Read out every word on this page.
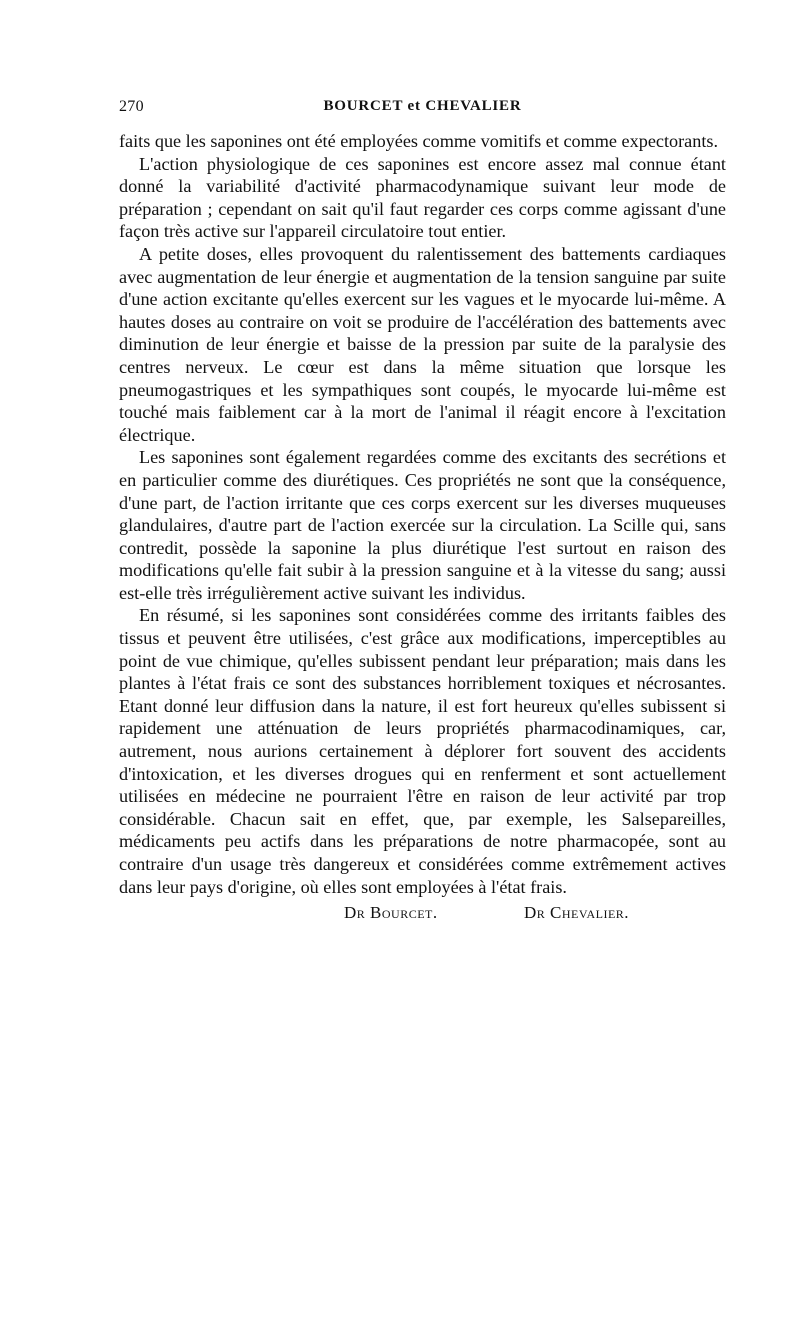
270	BOURCET et CHEVALIER

faits que les saponines ont été employées comme vomitifs et comme expectorants.

L'action physiologique de ces saponines est encore assez mal connue étant donné la variabilité d'activité pharmacodynamique suivant leur mode de préparation ; cependant on sait qu'il faut regarder ces corps comme agissant d'une façon très active sur l'appareil circulatoire tout entier.

A petite doses, elles provoquent du ralentissement des battements cardiaques avec augmentation de leur énergie et augmentation de la tension sanguine par suite d'une action excitante qu'elles exercent sur les vagues et le myocarde lui-même. A hautes doses au contraire on voit se produire de l'accélération des battements avec diminution de leur énergie et baisse de la pression par suite de la paralysie des centres nerveux. Le cœur est dans la même situation que lorsque les pneumogastriques et les sympathiques sont coupés, le myocarde lui-même est touché mais faiblement car à la mort de l'animal il réagit encore à l'excitation électrique.

Les saponines sont également regardées comme des excitants des secrétions et en particulier comme des diurétiques. Ces propriétés ne sont que la conséquence, d'une part, de l'action irritante que ces corps exercent sur les diverses muqueuses glandulaires, d'autre part de l'action exercée sur la circulation. La Scille qui, sans contredit, possède la saponine la plus diurétique l'est surtout en raison des modifications qu'elle fait subir à la pression sanguine et à la vitesse du sang; aussi est-elle très irrégulièrement active suivant les individus.

En résumé, si les saponines sont considérées comme des irritants faibles des tissus et peuvent être utilisées, c'est grâce aux modifications, imperceptibles au point de vue chimique, qu'elles subissent pendant leur préparation; mais dans les plantes à l'état frais ce sont des substances horriblement toxiques et nécrosantes. Etant donné leur diffusion dans la nature, il est fort heureux qu'elles subissent si rapidement une atténuation de leurs propriétés pharmacodinamiques, car, autrement, nous aurions certainement à déplorer fort souvent des accidents d'intoxication, et les diverses drogues qui en renferment et sont actuellement utilisées en médecine ne pourraient l'être en raison de leur activité par trop considérable. Chacun sait en effet, que, par exemple, les Salsepareilles, médicaments peu actifs dans les préparations de notre pharmacopée, sont au contraire d'un usage très dangereux et considérées comme extrêmement actives dans leur pays d'origine, où elles sont employées à l'état frais.

Dr Bourcet.	Dr Chevalier.
